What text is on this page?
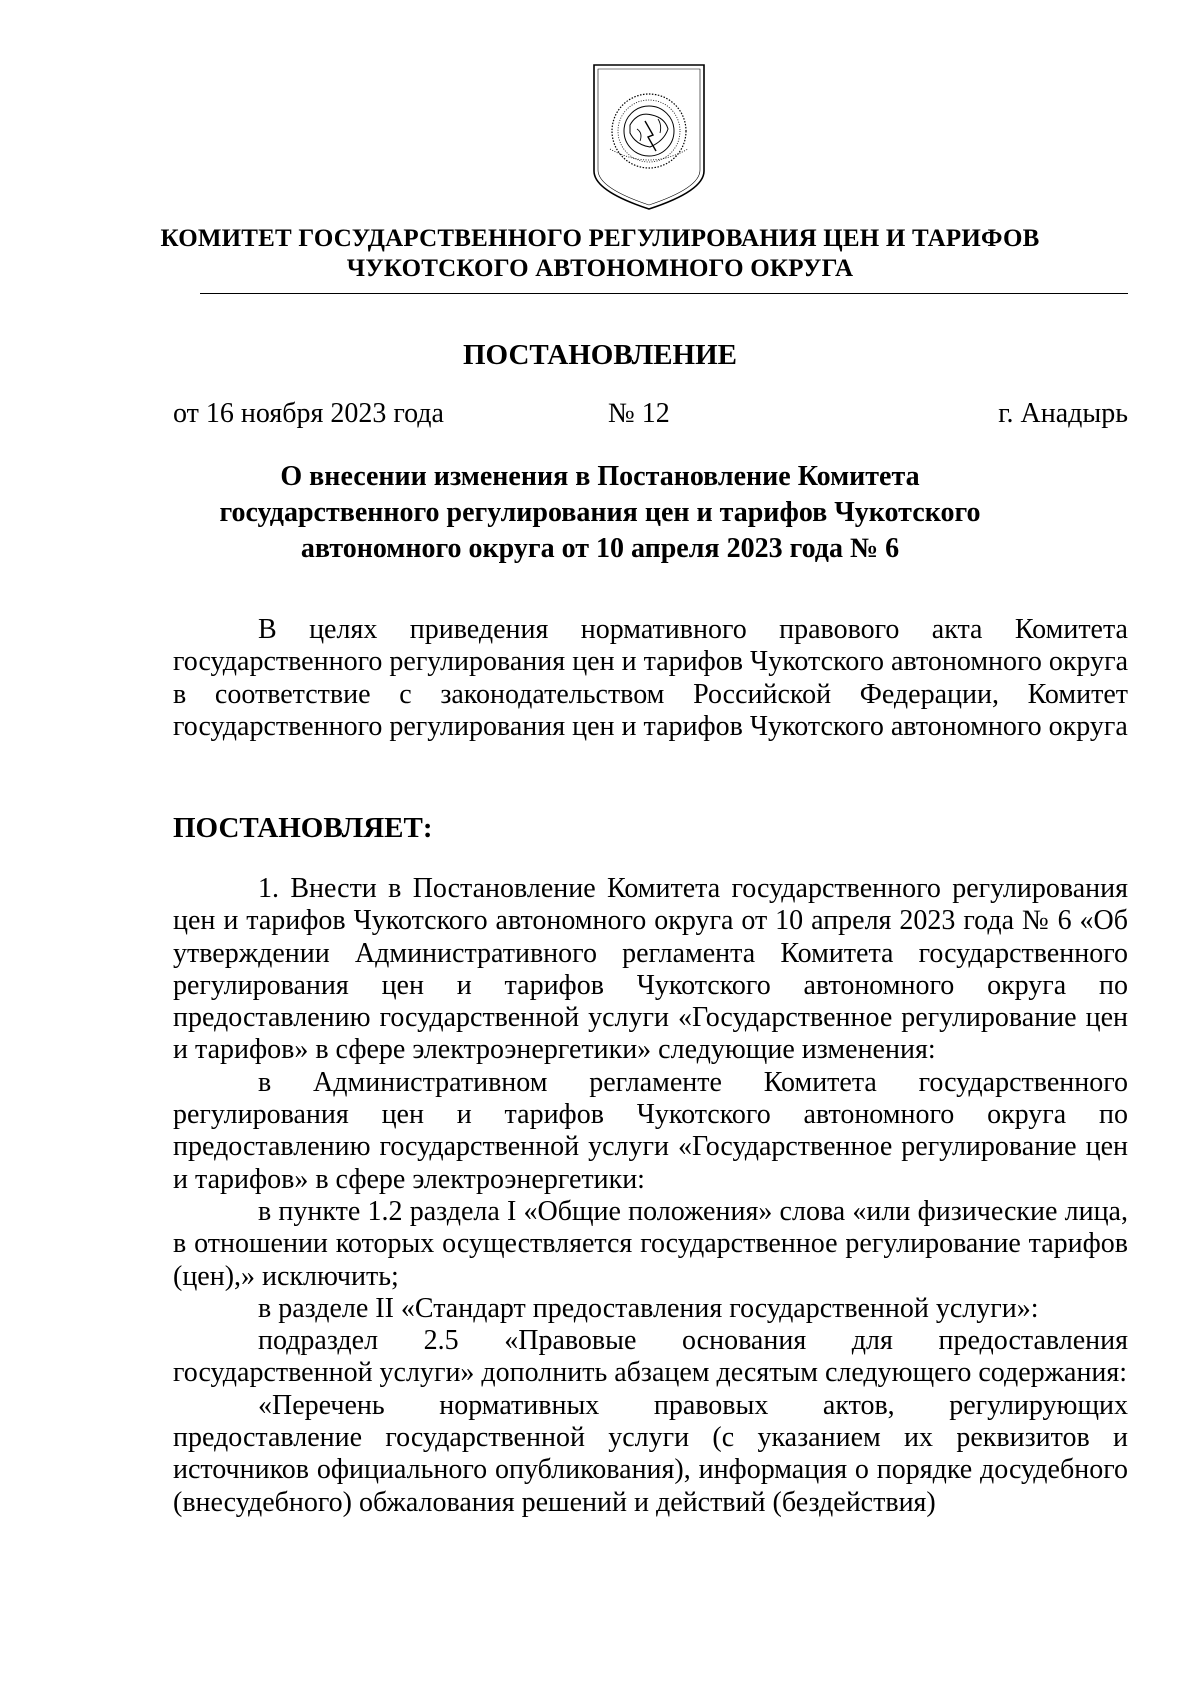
КОМИТЕТ ГОСУДАРСТВЕННОГО РЕГУЛИРОВАНИЯ ЦЕН И ТАРИФОВ
ЧУКОТСКОГО АВТОНОМНОГО ОКРУГА
ПОСТАНОВЛЕНИЕ
от 16 ноября 2023 года	№ 12	г. Анадырь
О внесении изменения в Постановление Комитета государственного регулирования цен и тарифов Чукотского автономного округа от 10 апреля 2023 года № 6

В целях приведения нормативного правового акта Комитета государственного регулирования цен и тарифов Чукотского автономного округа в соответствие с законодательством Российской Федерации, Комитет государственного регулирования цен и тарифов Чукотского автономного округа

ПОСТАНОВЛЯЕТ:

1. Внести в Постановление Комитета государственного регулирования цен и тарифов Чукотского автономного округа от 10 апреля 2023 года № 6 «Об утверждении Административного регламента Комитета государственного регулирования цен и тарифов Чукотского автономного округа по предоставлению государственной услуги «Государственное регулирование цен и тарифов» в сфере электроэнергетики» следующие изменения:

в Административном регламенте Комитета государственного регулирования цен и тарифов Чукотского автономного округа по предоставлению государственной услуги «Государственное регулирование цен и тарифов» в сфере электроэнергетики:

в пункте 1.2 раздела I «Общие положения» слова «или физические лица, в отношении которых осуществляется государственное регулирование тарифов (цен),» исключить;

в разделе II «Стандарт предоставления государственной услуги»:

подраздел 2.5 «Правовые основания для предоставления государственной услуги» дополнить абзацем десятым следующего содержания:

«Перечень нормативных правовых актов, регулирующих предоставление государственной услуги (с указанием их реквизитов и источников официального опубликования), информация о порядке досудебного (внесудебного) обжалования решений и действий (бездействия)
